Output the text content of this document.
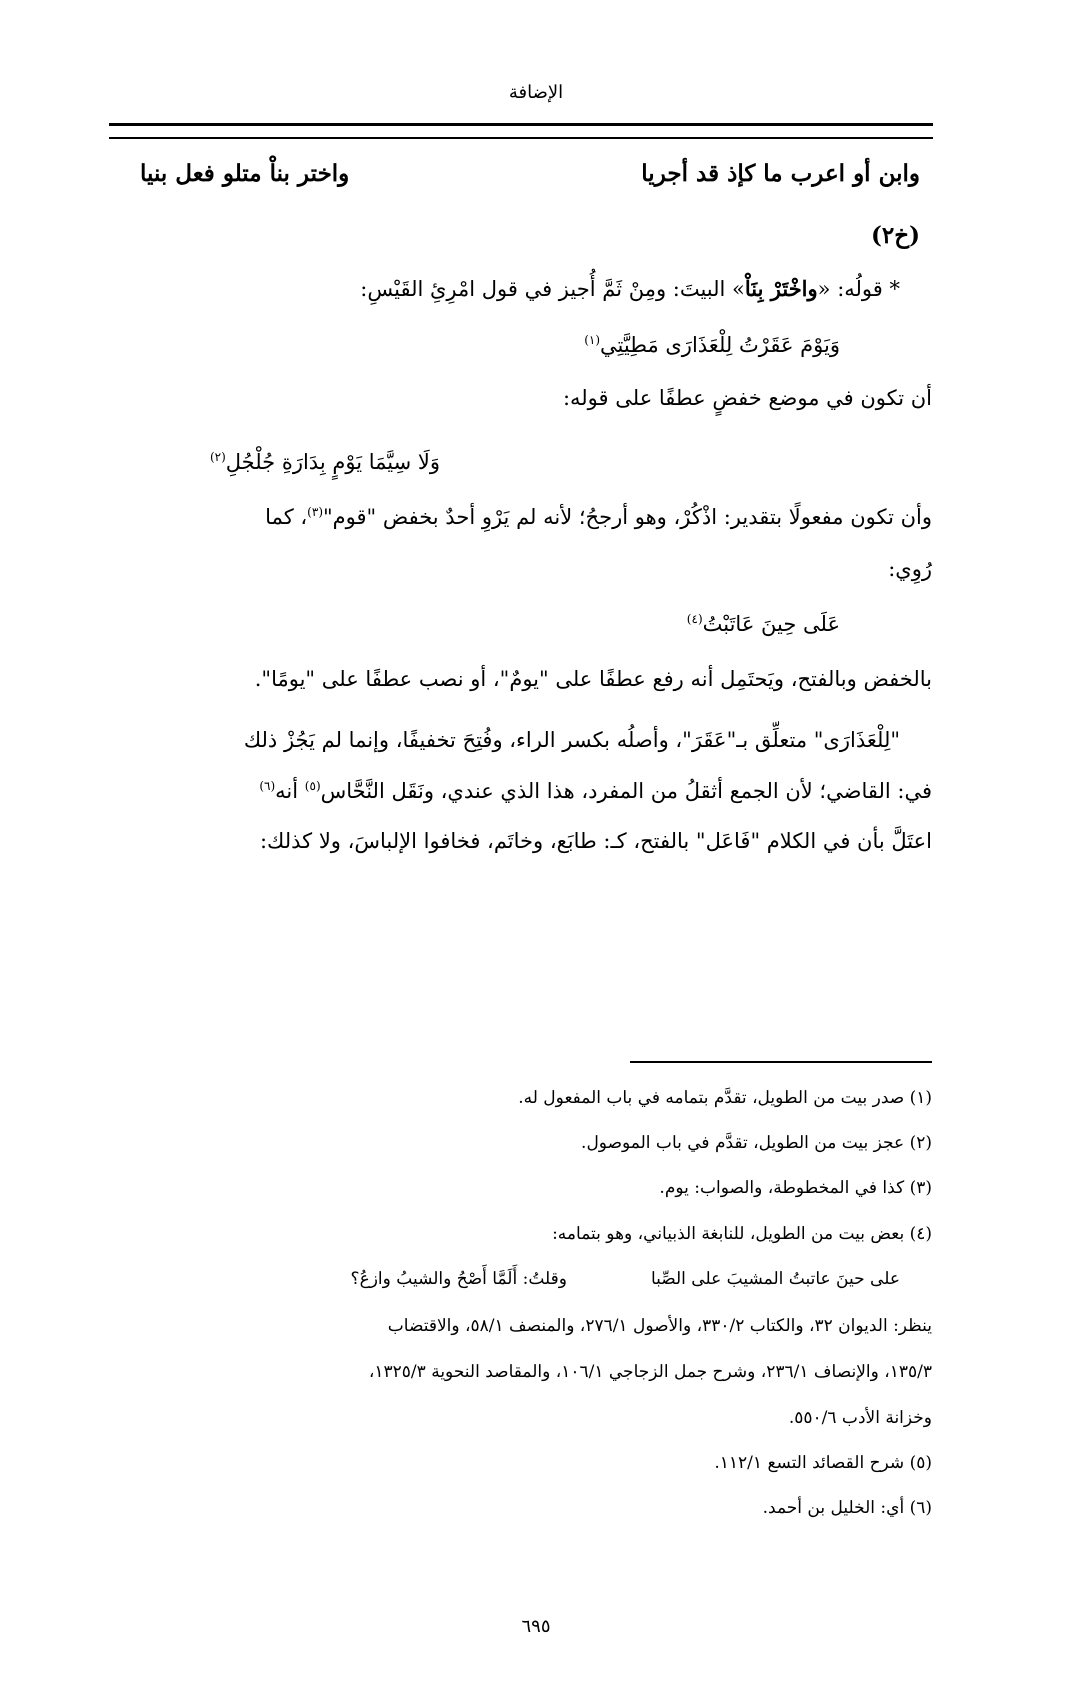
الإضافة
وابن أو اعرب ما كإذ قد أجريا
واختر بناْ متلو فعل بنيا
(خ٢)
* قولُه: «واخْتَرْ بِنَاْ» البيتَ: ومِنْ ثَمَّ أُجيز في قول امْرِئِ القَيْسِ:
وَيَوْمَ عَقَرْتُ لِلْعَذَارَى مَطِيَّتِي$^{(١)}$
أن تكون في موضع خفضٍ عطفًا على قوله:
وَلَا سِيَّمَا يَوْمٍ بِدَارَةِ جُلْجُلِ$^{(٢)}$
وأن تكون مفعولًا بتقدير: اذْكُرْ، وهو أرجحُ؛ لأنه لم يَرْوِ أحدٌ بخفض "قوم"$^{(٣)}$، كما
رُوِي:
عَلَى حِينَ عَاتَبْتُ$^{(٤)}$
بالخفض وبالفتح، ويَحتَمِل أنه رفع عطفًا على "يومٌ"، أو نصب عطفًا على "يومًا".
"لِلْعَذَارَى" متعلِّق بـ"عَقَرَ"، وأصلُه بكسر الراء، وفُتِحَ تخفيفًا، وإنما لم يَجُزْ ذلك
في: القاضي؛ لأن الجمع أثقلُ من المفرد، هذا الذي عندي، ونَقَل النَّحَّاس$^{(٥)}$ أنه$^{(٦)}$
اعتَلَّ بأن في الكلام "فَاعَل" بالفتح، كـ: طابَع، وخاتَم، فخافوا الإلباسَ، ولا كذلك:
(١) صدر بيت من الطويل، تقدَّم بتمامه في باب المفعول له.
(٢) عجز بيت من الطويل، تقدَّم في باب الموصول.
(٣) كذا في المخطوطة، والصواب: يوم.
(٤) بعض بيت من الطويل، للنابغة الذبياني، وهو بتمامه:
على حينَ عاتبتُ المشيبَ على الصِّبا
وقلتُ: أَلَمَّا أَصْحُ والشيبُ وازعُ؟
ينظر: الديوان ٣٢، والكتاب ٣٣٠/٢، والأصول ٢٧٦/١، والمنصف ٥٨/١، والاقتضاب
١٣٥/٣، والإنصاف ٢٣٦/١، وشرح جمل الزجاجي ١٠٦/١، والمقاصد النحوية ١٣٢٥/٣،
وخزانة الأدب ٥٥٠/٦.
(٥) شرح القصائد التسع ١١٢/١.
(٦) أي: الخليل بن أحمد.
٦٩٥
